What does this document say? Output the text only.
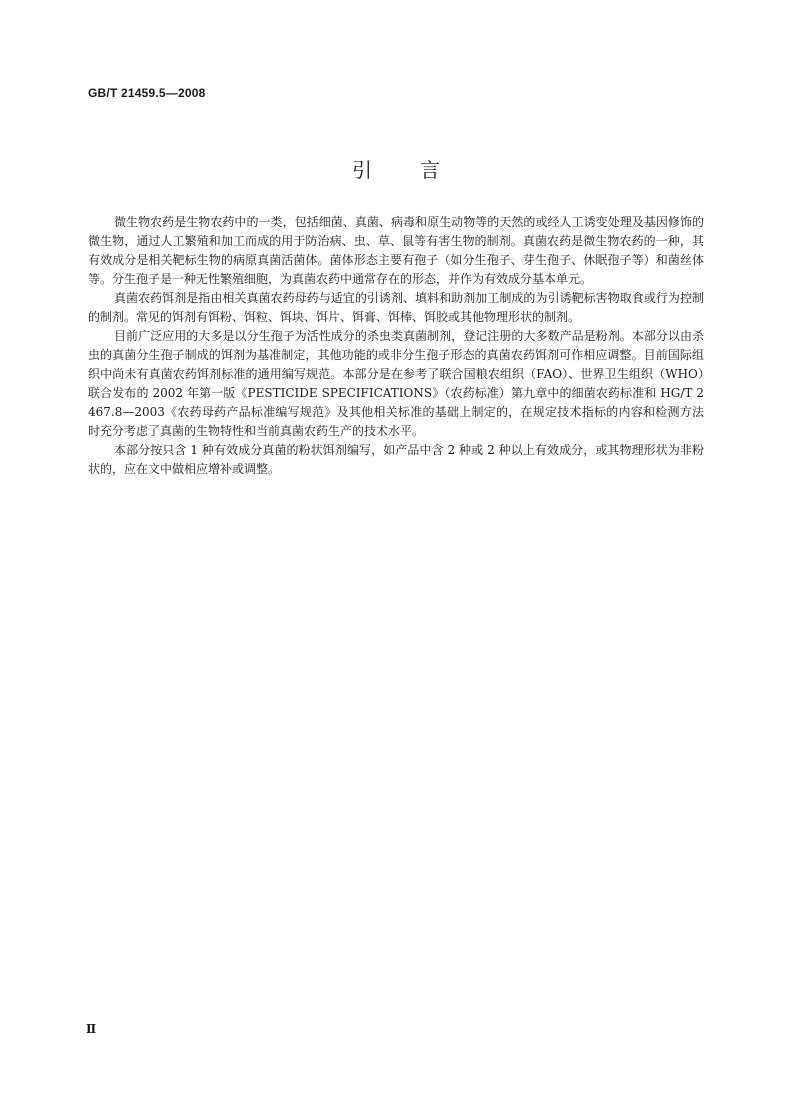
GB/T 21459.5—2008
引言

微生物农药是生物农药中的一类，包括细菌、真菌、病毒和原生动物等的天然的或经人工诱变处理及基因修饰的微生物，通过人工繁殖和加工而成的用于防治病、虫、草、鼠等有害生物的制剂。真菌农药是微生物农药的一种，其有效成分是相关靶标生物的病原真菌活菌体。菌体形态主要有孢子（如分生孢子、芽生孢子、休眠孢子等）和菌丝体等。分生孢子是一种无性繁殖细胞，为真菌农药中通常存在的形态，并作为有效成分基本单元。

真菌农药饵剂是指由相关真菌农药母药与适宜的引诱剂、填料和助剂加工制成的为引诱靶标害物取食或行为控制的制剂。常见的饵剂有饵粉、饵粒、饵块、饵片、饵膏、饵棒、饵胶或其他物理形状的制剂。

目前广泛应用的大多是以分生孢子为活性成分的杀虫类真菌制剂，登记注册的大多数产品是粉剂。本部分以由杀虫的真菌分生孢子制成的饵剂为基准制定，其他功能的或非分生孢子形态的真菌农药饵剂可作相应调整。目前国际组织中尚未有真菌农药饵剂标准的通用编写规范。本部分是在参考了联合国粮农组织（FAO）、世界卫生组织（WHO）联合发布的 2002 年第一版《PESTICIDE SPECIFICATIONS》（农药标准）第九章中的细菌农药标准和 HG/T 2467.8—2003《农药母药产品标准编写规范》及其他相关标准的基础上制定的，在规定技术指标的内容和检测方法时充分考虑了真菌的生物特性和当前真菌农药生产的技术水平。

本部分按只含 1 种有效成分真菌的粉状饵剂编写，如产品中含 2 种或 2 种以上有效成分，或其物理形状为非粉状的，应在文中做相应增补或调整。

Ⅱ
